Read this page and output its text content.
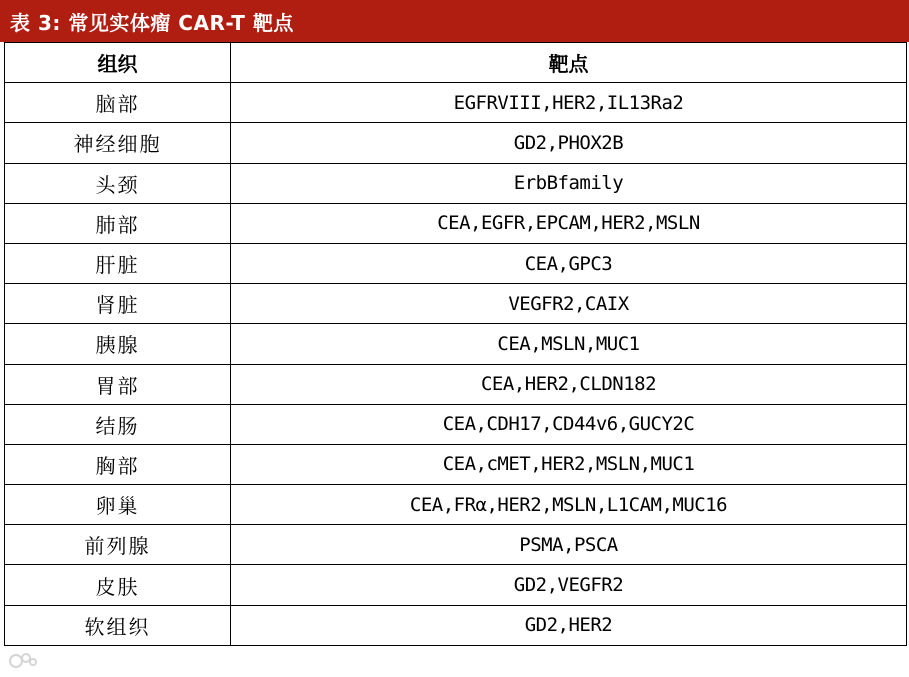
表 3: 常见实体瘤 CAR-T 靶点
组织	靶点
脑部	EGFRVIII,HER2,IL13Ra2
神经细胞	GD2,PHOX2B
头颈	ErbBfamily
肺部	CEA,EGFR,EPCAM,HER2,MSLN
肝脏	CEA,GPC3
肾脏	VEGFR2,CAIX
胰腺	CEA,MSLN,MUC1
胃部	CEA,HER2,CLDN182
结肠	CEA,CDH17,CD44v6,GUCY2C
胸部	CEA,cMET,HER2,MSLN,MUC1
卵巢	CEA,FRα,HER2,MSLN,L1CAM,MUC16
前列腺	PSMA,PSCA
皮肤	GD2,VEGFR2
软组织	GD2,HER2
